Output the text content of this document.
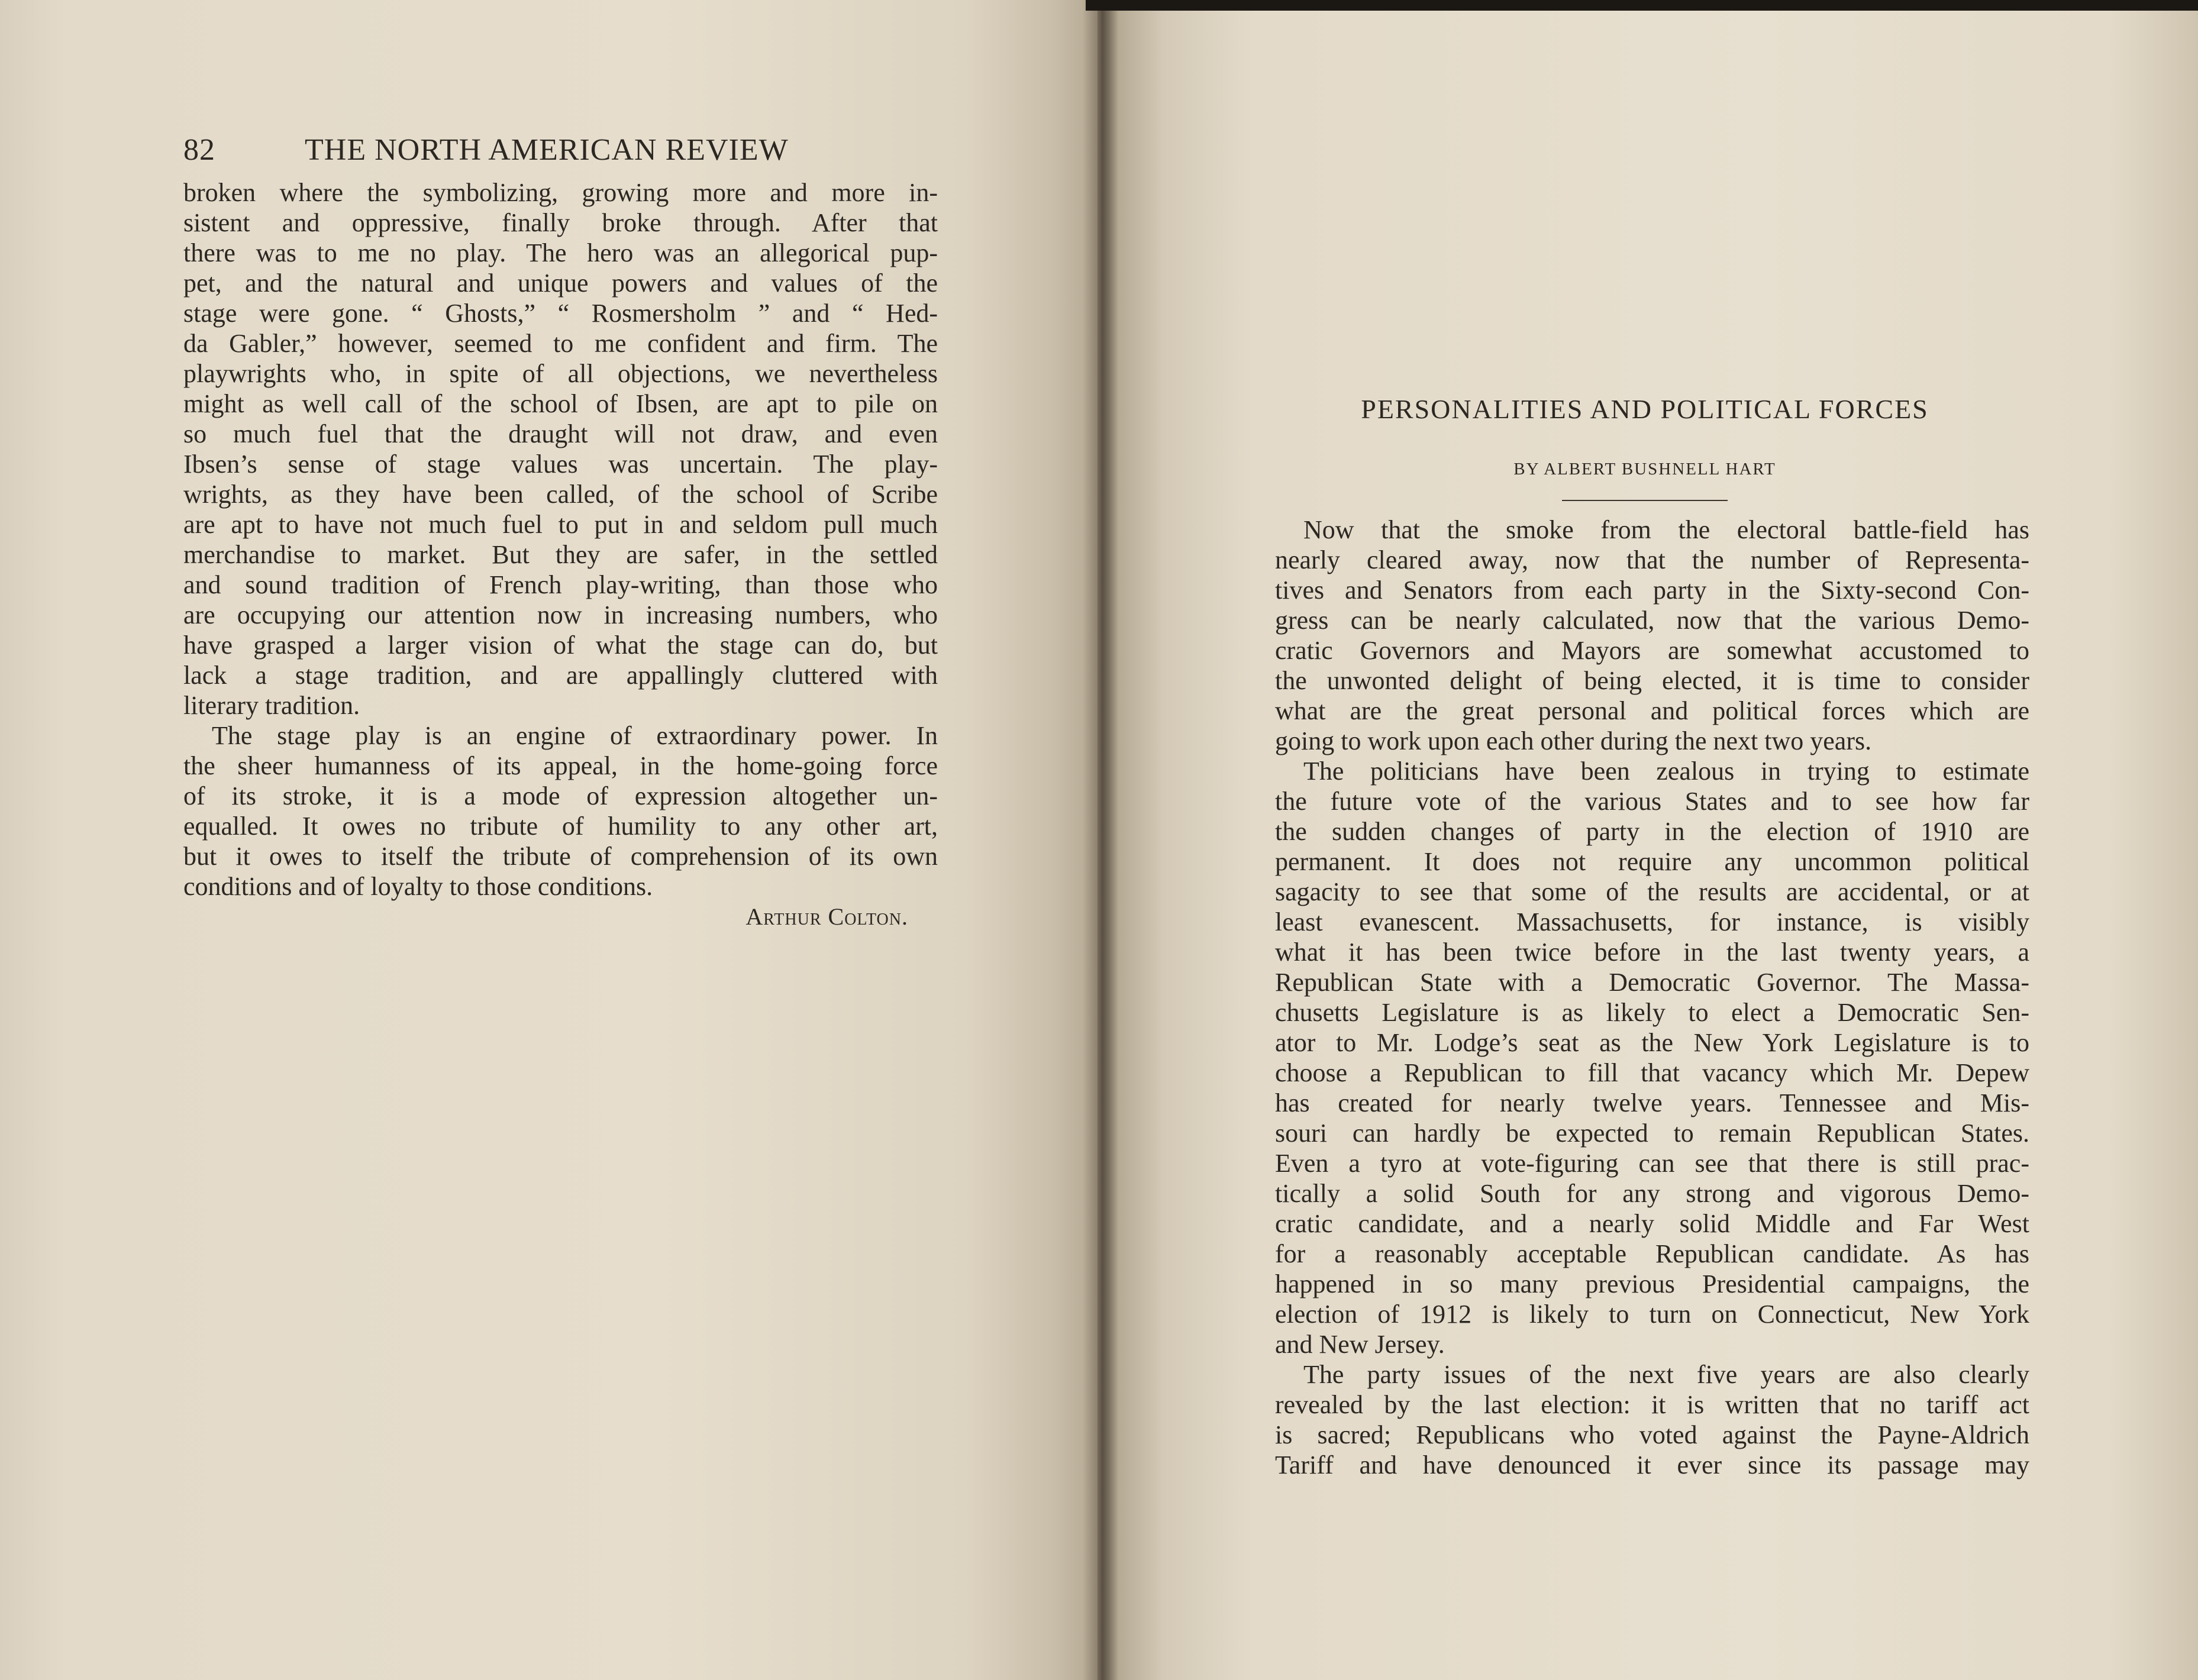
82	THE NORTH AMERICAN REVIEW
broken where the symbolizing, growing more and more in-
sistent and oppressive, finally broke through. After that
there was to me no play. The hero was an allegorical pup-
pet, and the natural and unique powers and values of the
stage were gone. “ Ghosts,” “ Rosmersholm ” and “ Hed-
da Gabler,” however, seemed to me confident and firm. The
playwrights who, in spite of all objections, we nevertheless
might as well call of the school of Ibsen, are apt to pile on
so much fuel that the draught will not draw, and even
Ibsen’s sense of stage values was uncertain. The play-
wrights, as they have been called, of the school of Scribe
are apt to have not much fuel to put in and seldom pull much
merchandise to market. But they are safer, in the settled
and sound tradition of French play-writing, than those who
are occupying our attention now in increasing numbers, who
have grasped a larger vision of what the stage can do, but
lack a stage tradition, and are appallingly cluttered with
literary tradition.
The stage play is an engine of extraordinary power. In
the sheer humanness of its appeal, in the home-going force
of its stroke, it is a mode of expression altogether un-
equalled. It owes no tribute of humility to any other art,
but it owes to itself the tribute of comprehension of its own
conditions and of loyalty to those conditions.
Arthur Colton.
PERSONALITIES AND POLITICAL FORCES
BY ALBERT BUSHNELL HART
Now that the smoke from the electoral battle-field has
nearly cleared away, now that the number of Representa-
tives and Senators from each party in the Sixty-second Con-
gress can be nearly calculated, now that the various Demo-
cratic Governors and Mayors are somewhat accustomed to
the unwonted delight of being elected, it is time to consider
what are the great personal and political forces which are
going to work upon each other during the next two years.
The politicians have been zealous in trying to estimate
the future vote of the various States and to see how far
the sudden changes of party in the election of 1910 are
permanent. It does not require any uncommon political
sagacity to see that some of the results are accidental, or at
least evanescent. Massachusetts, for instance, is visibly
what it has been twice before in the last twenty years, a
Republican State with a Democratic Governor. The Massa-
chusetts Legislature is as likely to elect a Democratic Sen-
ator to Mr. Lodge’s seat as the New York Legislature is to
choose a Republican to fill that vacancy which Mr. Depew
has created for nearly twelve years. Tennessee and Mis-
souri can hardly be expected to remain Republican States.
Even a tyro at vote-figuring can see that there is still prac-
tically a solid South for any strong and vigorous Demo-
cratic candidate, and a nearly solid Middle and Far West
for a reasonably acceptable Republican candidate. As has
happened in so many previous Presidential campaigns, the
election of 1912 is likely to turn on Connecticut, New York
and New Jersey.
The party issues of the next five years are also clearly
revealed by the last election: it is written that no tariff act
is sacred; Republicans who voted against the Payne-Aldrich
Tariff and have denounced it ever since its passage may
